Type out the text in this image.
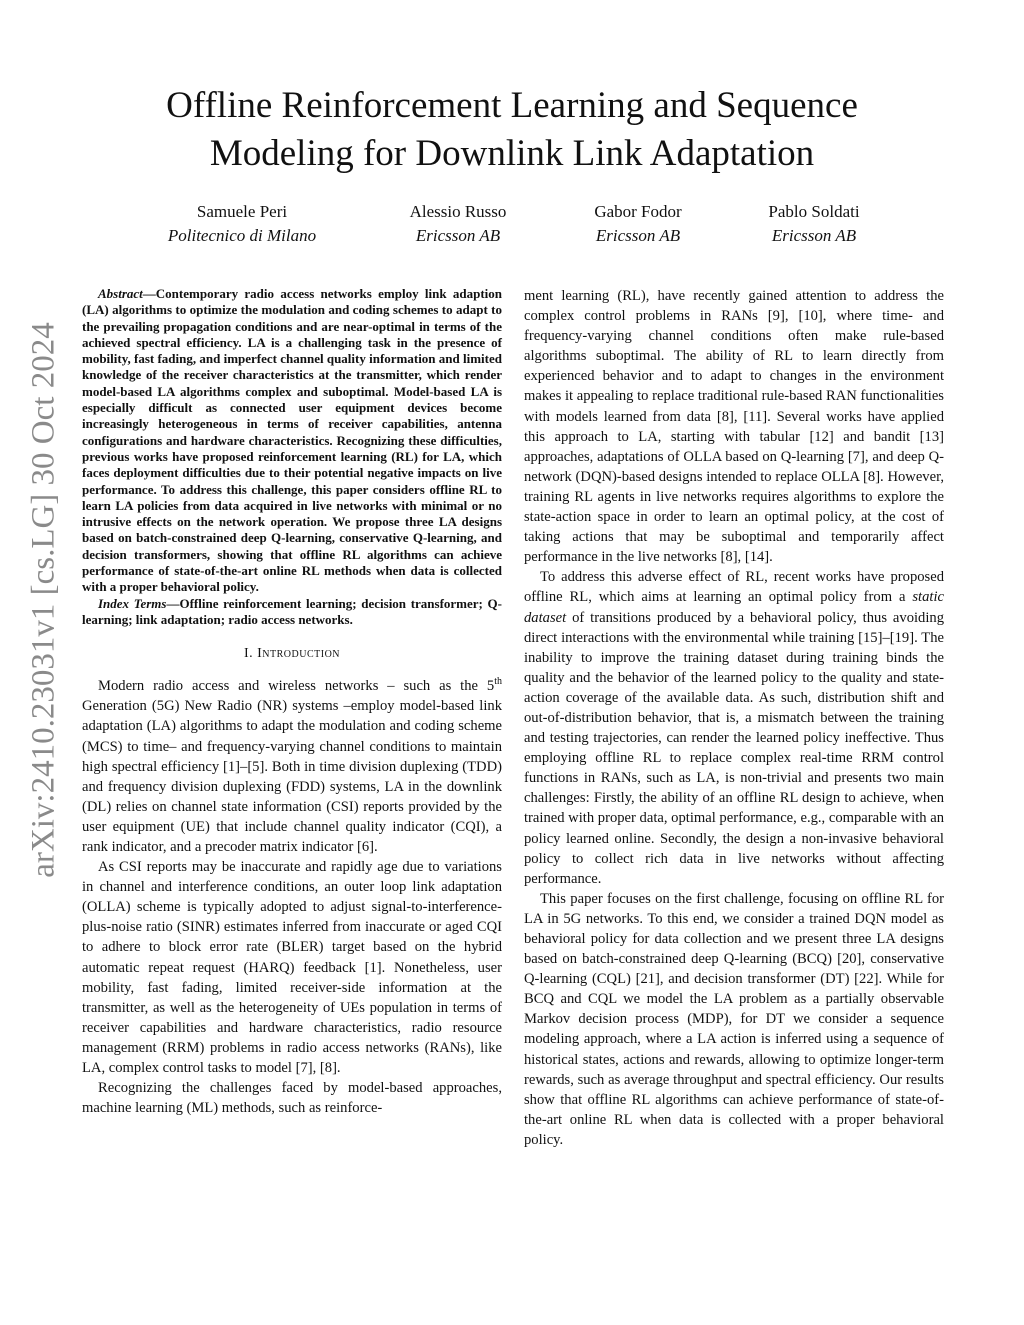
arXiv:2410.23031v1 [cs.LG] 30 Oct 2024
Offline Reinforcement Learning and Sequence
Modeling for Downlink Link Adaptation
Samuele Peri
Politecnico di Milano
Alessio Russo
Ericsson AB
Gabor Fodor
Ericsson AB
Pablo Soldati
Ericsson AB

Abstract—Contemporary radio access networks employ link adaption (LA) algorithms to optimize the modulation and coding schemes to adapt to the prevailing propagation conditions and are near-optimal in terms of the achieved spectral efficiency. LA is a challenging task in the presence of mobility, fast fading, and imperfect channel quality information and limited knowledge of the receiver characteristics at the transmitter, which render model-based LA algorithms complex and suboptimal. Model-based LA is especially difficult as connected user equipment devices become increasingly heterogeneous in terms of receiver capabilities, antenna configurations and hardware characteristics. Recognizing these difficulties, previous works have proposed reinforcement learning (RL) for LA, which faces deployment difficulties due to their potential negative impacts on live performance. To address this challenge, this paper considers offline RL to learn LA policies from data acquired in live networks with minimal or no intrusive effects on the network operation. We propose three LA designs based on batch-constrained deep Q-learning, conservative Q-learning, and decision transformers, showing that offline RL algorithms can achieve performance of state-of-the-art online RL methods when data is collected with a proper behavioral policy.

Index Terms—Offline reinforcement learning; decision transformer; Q-learning; link adaptation; radio access networks.

I. Introduction

Modern radio access and wireless networks – such as the 5th Generation (5G) New Radio (NR) systems –employ model-based link adaptation (LA) algorithms to adapt the modulation and coding scheme (MCS) to time– and frequency-varying channel conditions to maintain high spectral efficiency [1]–[5]. Both in time division duplexing (TDD) and frequency division duplexing (FDD) systems, LA in the downlink (DL) relies on channel state information (CSI) reports provided by the user equipment (UE) that include channel quality indicator (CQI), a rank indicator, and a precoder matrix indicator [6].

As CSI reports may be inaccurate and rapidly age due to variations in channel and interference conditions, an outer loop link adaptation (OLLA) scheme is typically adopted to adjust signal-to-interference-plus-noise ratio (SINR) estimates inferred from inaccurate or aged CQI to adhere to block error rate (BLER) target based on the hybrid automatic repeat request (HARQ) feedback [1]. Nonetheless, user mobility, fast fading, limited receiver-side information at the transmitter, as well as the heterogeneity of UEs population in terms of receiver capabilities and hardware characteristics, radio resource management (RRM) problems in radio access networks (RANs), like LA, complex control tasks to model [7], [8].

Recognizing the challenges faced by model-based approaches, machine learning (ML) methods, such as reinforce-

ment learning (RL), have recently gained attention to address the complex control problems in RANs [9], [10], where time- and frequency-varying channel conditions often make rule-based algorithms suboptimal. The ability of RL to learn directly from experienced behavior and to adapt to changes in the environment makes it appealing to replace traditional rule-based RAN functionalities with models learned from data [8], [11]. Several works have applied this approach to LA, starting with tabular [12] and bandit [13] approaches, adaptations of OLLA based on Q-learning [7], and deep Q-network (DQN)-based designs intended to replace OLLA [8]. However, training RL agents in live networks requires algorithms to explore the state-action space in order to learn an optimal policy, at the cost of taking actions that may be suboptimal and temporarily affect performance in the live networks [8], [14].

To address this adverse effect of RL, recent works have proposed offline RL, which aims at learning an optimal policy from a static dataset of transitions produced by a behavioral policy, thus avoiding direct interactions with the environmental while training [15]–[19]. The inability to improve the training dataset during training binds the quality and the behavior of the learned policy to the quality and state-action coverage of the available data. As such, distribution shift and out-of-distribution behavior, that is, a mismatch between the training and testing trajectories, can render the learned policy ineffective. Thus employing offline RL to replace complex real-time RRM control functions in RANs, such as LA, is non-trivial and presents two main challenges: Firstly, the ability of an offline RL design to achieve, when trained with proper data, optimal performance, e.g., comparable with an policy learned online. Secondly, the design a non-invasive behavioral policy to collect rich data in live networks without affecting performance.

This paper focuses on the first challenge, focusing on offline RL for LA in 5G networks. To this end, we consider a trained DQN model as behavioral policy for data collection and we present three LA designs based on batch-constrained deep Q-learning (BCQ) [20], conservative Q-learning (CQL) [21], and decision transformer (DT) [22]. While for BCQ and CQL we model the LA problem as a partially observable Markov decision process (MDP), for DT we consider a sequence modeling approach, where a LA action is inferred using a sequence of historical states, actions and rewards, allowing to optimize longer-term rewards, such as average throughput and spectral efficiency. Our results show that offline RL algorithms can achieve performance of state-of-the-art online RL when data is collected with a proper behavioral policy.
